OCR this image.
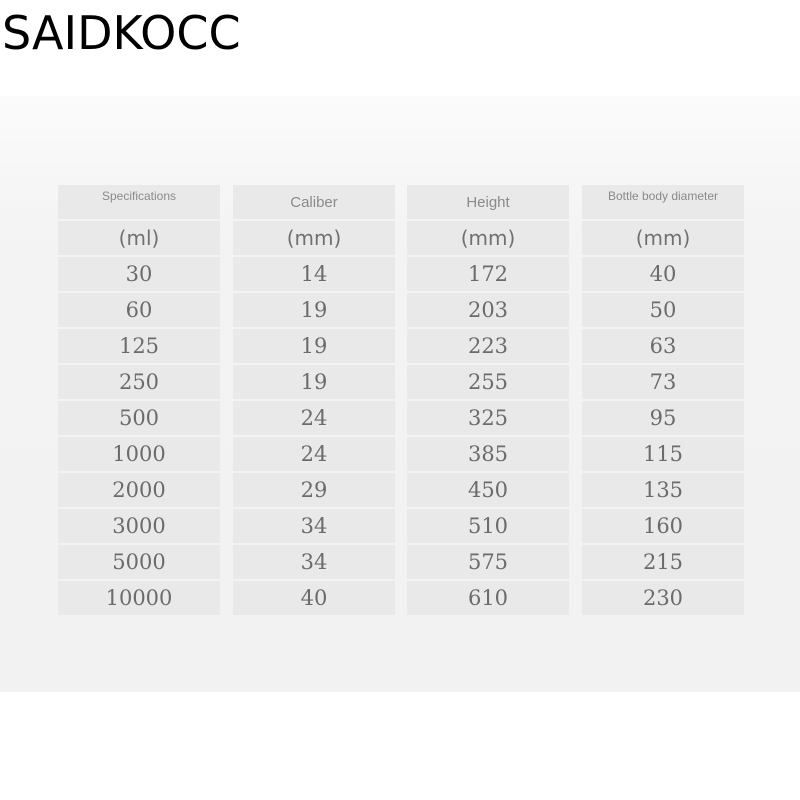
SAIDKOCC
Specifications
(ml)
30
60
125
250
500
1000
2000
3000
5000
10000
Caliber
(mm)
14
19
19
19
24
24
29
34
34
40
Height
(mm)
172
203
223
255
325
385
450
510
575
610
Bottle body diameter
(mm)
40
50
63
73
95
115
135
160
215
230
